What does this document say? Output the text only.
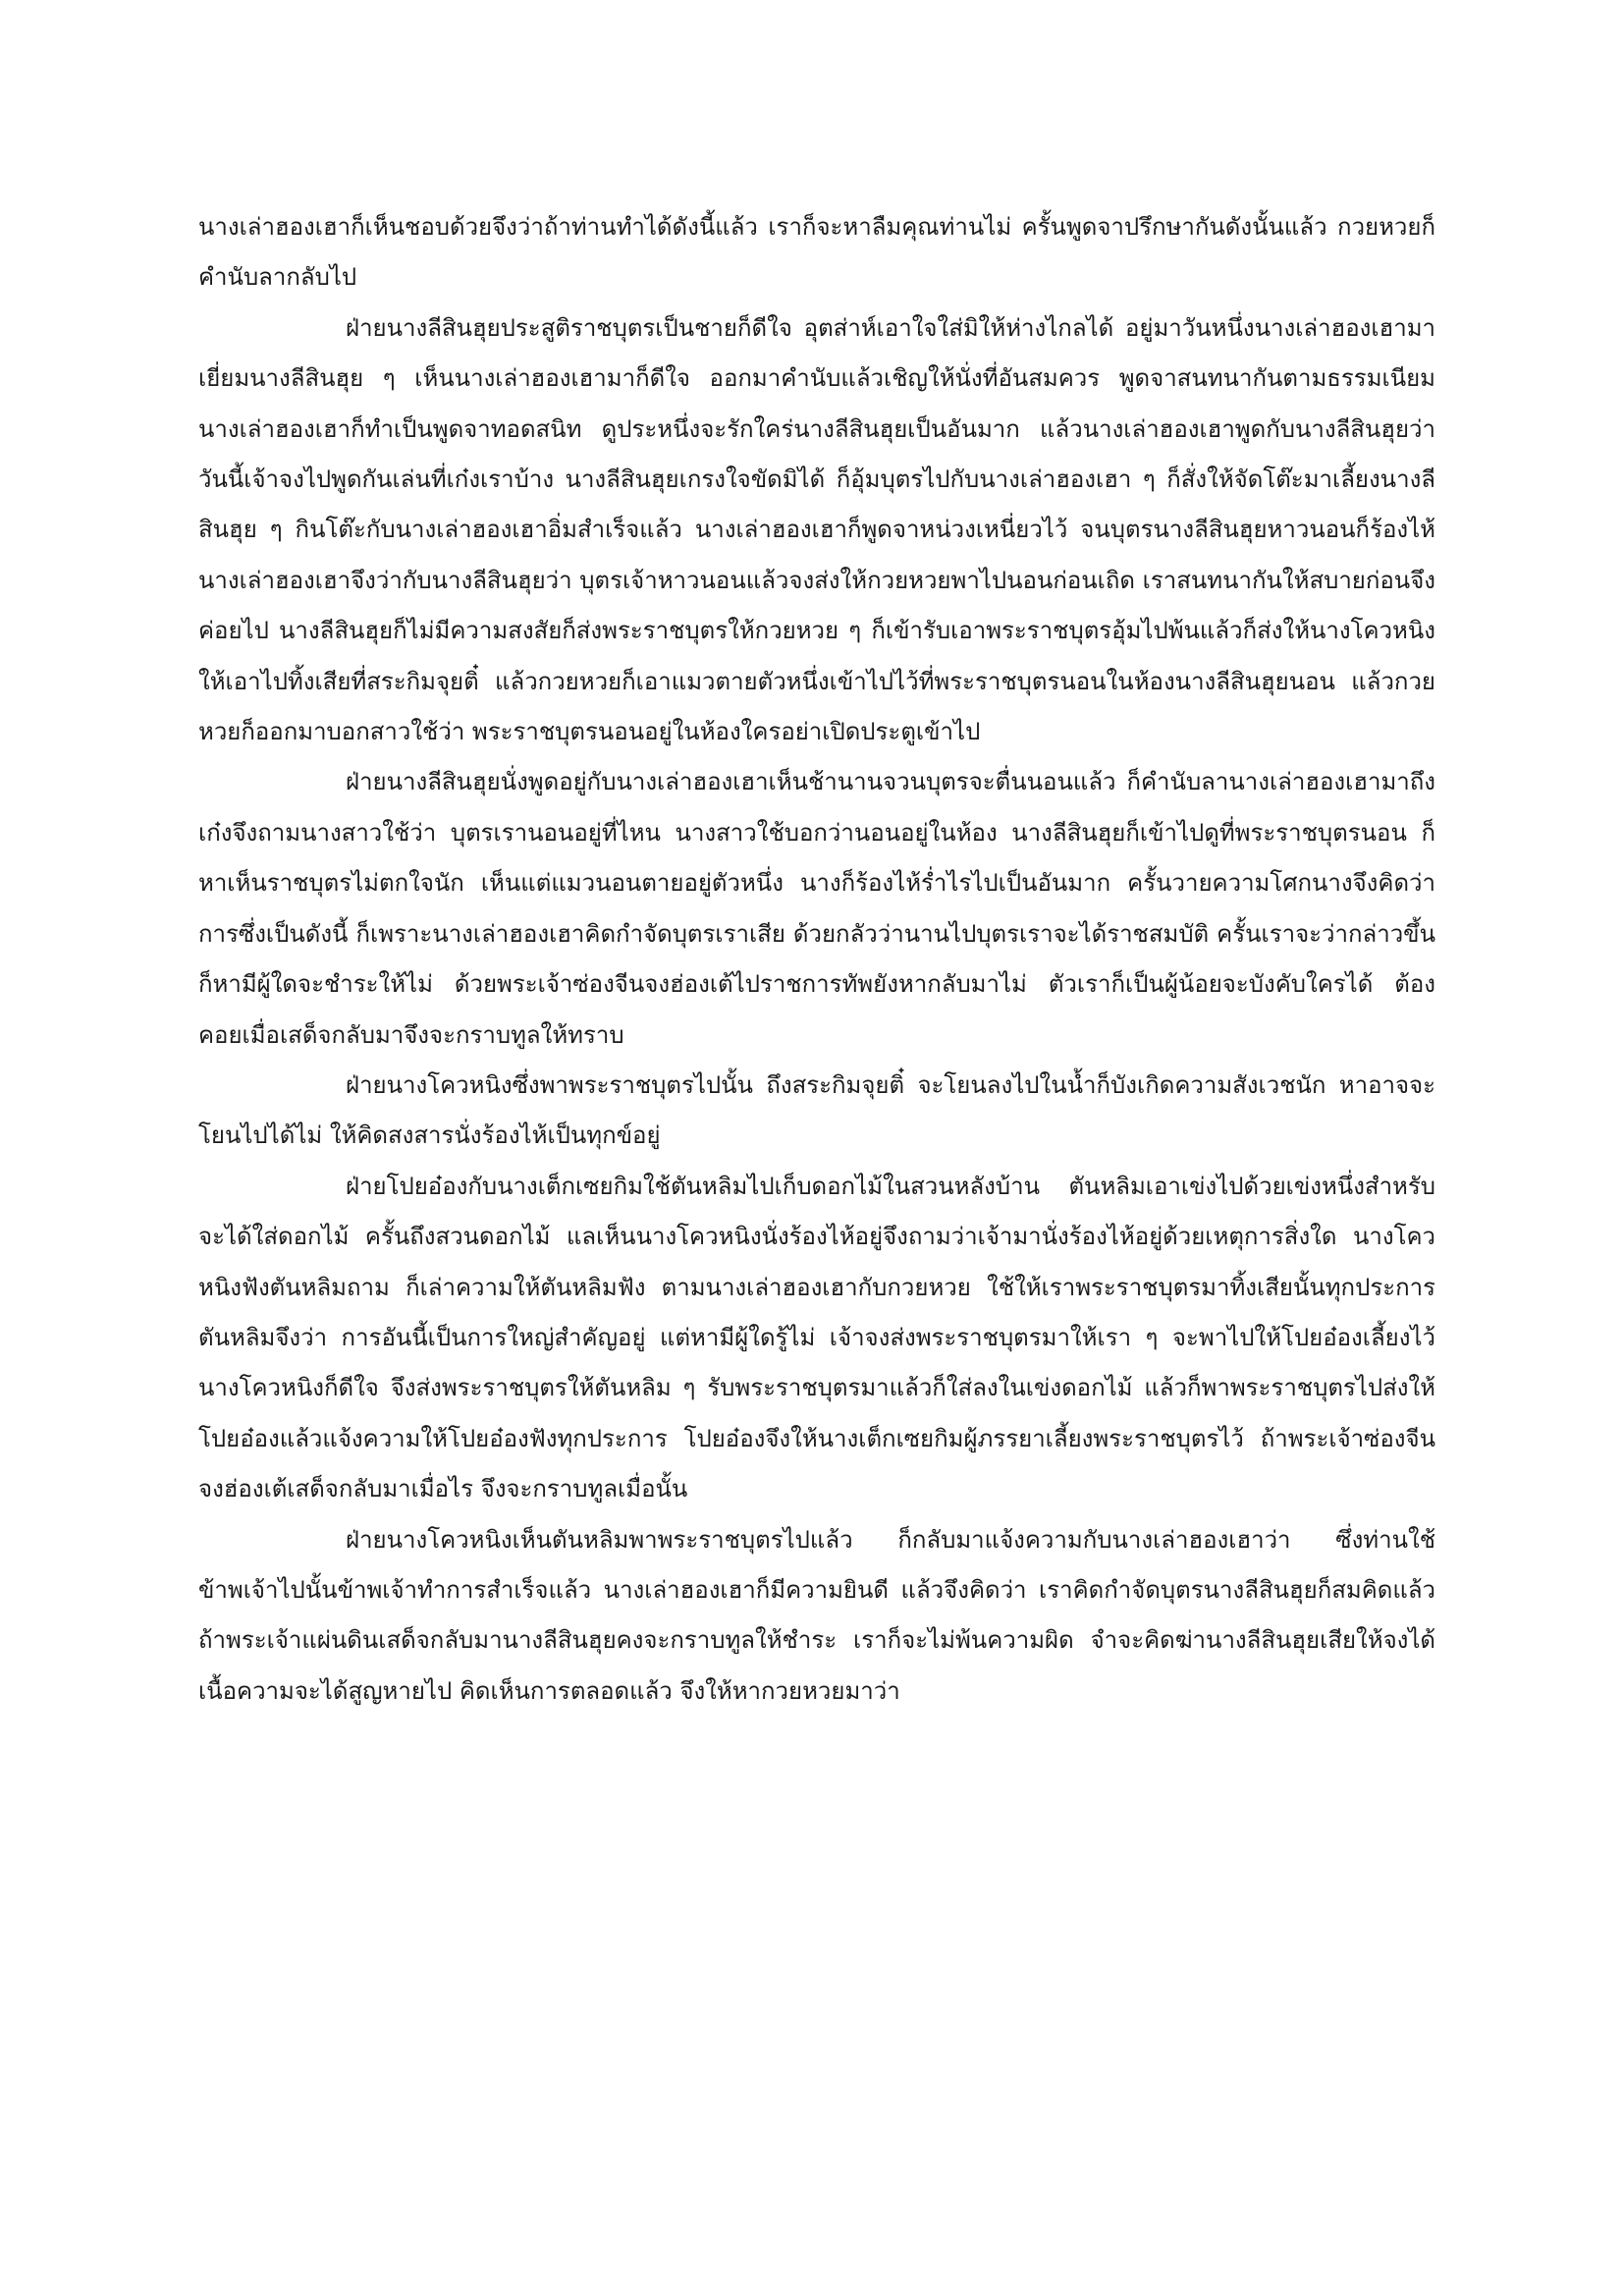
นางเล่าฮองเฮาก็เห็นชอบด้วยจึงว่าถ้าท่านทำได้ดังนี้แล้ว เราก็จะหาลืมคุณท่านไม่ ครั้นพูดจาปรึกษากันดังนั้นแล้ว กวยหวยก็คำนับลากลับไป

ฝ่ายนางลีสินฮุยประสูติราชบุตรเป็นชายก็ดีใจ อุตส่าห์เอาใจใส่มิให้ห่างไกลได้ อยู่มาวันหนึ่งนางเล่าฮองเฮามาเยี่ยมนางลีสินฮุย ๆ เห็นนางเล่าฮองเฮามาก็ดีใจ ออกมาคำนับแล้วเชิญให้นั่งที่อันสมควร พูดจาสนทนากันตามธรรมเนียม นางเล่าฮองเฮาก็ทำเป็นพูดจาทอดสนิท ดูประหนึ่งจะรักใคร่นางลีสินฮุยเป็นอันมาก แล้วนางเล่าฮองเฮาพูดกับนางลีสินฮุยว่า วันนี้เจ้าจงไปพูดกันเล่นที่เก๋งเราบ้าง นางลีสินฮุยเกรงใจขัดมิได้ ก็อุ้มบุตรไปกับนางเล่าฮองเฮา ๆ ก็สั่งให้จัดโต๊ะมาเลี้ยงนางลีสินฮุย ๆ กินโต๊ะกับนางเล่าฮองเฮาอิ่มสำเร็จแล้ว นางเล่าฮองเฮาก็พูดจาหน่วงเหนี่ยวไว้ จนบุตรนางลีสินฮุยหาวนอนก็ร้องไห้ นางเล่าฮองเฮาจึงว่ากับนางลีสินฮุยว่า บุตรเจ้าหาวนอนแล้วจงส่งให้กวยหวยพาไปนอนก่อนเถิด เราสนทนากันให้สบายก่อนจึงค่อยไป นางลีสินฮุยก็ไม่มีความสงสัยก็ส่งพระราชบุตรให้กวยหวย ๆ ก็เข้ารับเอาพระราชบุตรอุ้มไปพ้นแล้วก็ส่งให้นางโควหนิงให้เอาไปทิ้งเสียที่สระกิมจุยติ๋ แล้วกวยหวยก็เอาแมวตายตัวหนึ่งเข้าไปไว้ที่พระราชบุตรนอนในห้องนางลีสินฮุยนอน แล้วกวยหวยก็ออกมาบอกสาวใช้ว่า พระราชบุตรนอนอยู่ในห้องใครอย่าเปิดประตูเข้าไป

ฝ่ายนางลีสินฮุยนั่งพูดอยู่กับนางเล่าฮองเฮาเห็นช้านานจวนบุตรจะตื่นนอนแล้ว ก็คำนับลานางเล่าฮองเฮามาถึงเก๋งจึงถามนางสาวใช้ว่า บุตรเรานอนอยู่ที่ไหน นางสาวใช้บอกว่านอนอยู่ในห้อง นางลีสินฮุยก็เข้าไปดูที่พระราชบุตรนอน ก็หาเห็นราชบุตรไม่ตกใจนัก เห็นแต่แมวนอนตายอยู่ตัวหนึ่ง นางก็ร้องไห้ร่ำไรไปเป็นอันมาก ครั้นวายความโศกนางจึงคิดว่า การซึ่งเป็นดังนี้ ก็เพราะนางเล่าฮองเฮาคิดกำจัดบุตรเราเสีย ด้วยกลัวว่านานไปบุตรเราจะได้ราชสมบัติ ครั้นเราจะว่ากล่าวขึ้นก็หามีผู้ใดจะชำระให้ไม่ ด้วยพระเจ้าซ่องจีนจงฮ่องเต้ไปราชการทัพยังหากลับมาไม่ ตัวเราก็เป็นผู้น้อยจะบังคับใครได้ ต้องคอยเมื่อเสด็จกลับมาจึงจะกราบทูลให้ทราบ

ฝ่ายนางโควหนิงซึ่งพาพระราชบุตรไปนั้น ถึงสระกิมจุยติ๋ จะโยนลงไปในน้ำก็บังเกิดความสังเวชนัก หาอาจจะโยนไปได้ไม่ ให้คิดสงสารนั่งร้องไห้เป็นทุกข์อยู่

ฝ่ายโปยอ๋องกับนางเต็กเซยกิมใช้ตันหลิมไปเก็บดอกไม้ในสวนหลังบ้าน ตันหลิมเอาเข่งไปด้วยเข่งหนึ่งสำหรับจะได้ใส่ดอกไม้ ครั้นถึงสวนดอกไม้ แลเห็นนางโควหนิงนั่งร้องไห้อยู่จึงถามว่าเจ้ามานั่งร้องไห้อยู่ด้วยเหตุการสิ่งใด นางโควหนิงฟังตันหลิมถาม ก็เล่าความให้ตันหลิมฟัง ตามนางเล่าฮองเฮากับกวยหวย ใช้ให้เราพระราชบุตรมาทิ้งเสียนั้นทุกประการ ตันหลิมจึงว่า การอันนี้เป็นการใหญ่สำคัญอยู่ แต่หามีผู้ใดรู้ไม่ เจ้าจงส่งพระราชบุตรมาให้เรา ๆ จะพาไปให้โปยอ๋องเลี้ยงไว้ นางโควหนิงก็ดีใจ จึงส่งพระราชบุตรให้ตันหลิม ๆ รับพระราชบุตรมาแล้วก็ใส่ลงในเข่งดอกไม้ แล้วก็พาพระราชบุตรไปส่งให้โปยอ๋องแล้วแจ้งความให้โปยอ๋องฟังทุกประการ โปยอ๋องจึงให้นางเต็กเซยกิมผู้ภรรยาเลี้ยงพระราชบุตรไว้ ถ้าพระเจ้าซ่องจีนจงฮ่องเต้เสด็จกลับมาเมื่อไร จึงจะกราบทูลเมื่อนั้น

ฝ่ายนางโควหนิงเห็นตันหลิมพาพระราชบุตรไปแล้ว ก็กลับมาแจ้งความกับนางเล่าฮองเฮาว่า ซึ่งท่านใช้ข้าพเจ้าไปนั้นข้าพเจ้าทำการสำเร็จแล้ว นางเล่าฮองเฮาก็มีความยินดี แล้วจึงคิดว่า เราคิดกำจัดบุตรนางลีสินฮุยก็สมคิดแล้ว ถ้าพระเจ้าแผ่นดินเสด็จกลับมานางลีสินฮุยคงจะกราบทูลให้ชำระ เราก็จะไม่พ้นความผิด จำจะคิดฆ่านางลีสินฮุยเสียให้จงได้ เนื้อความจะได้สูญหายไป คิดเห็นการตลอดแล้ว จึงให้หากวยหวยมาว่า
